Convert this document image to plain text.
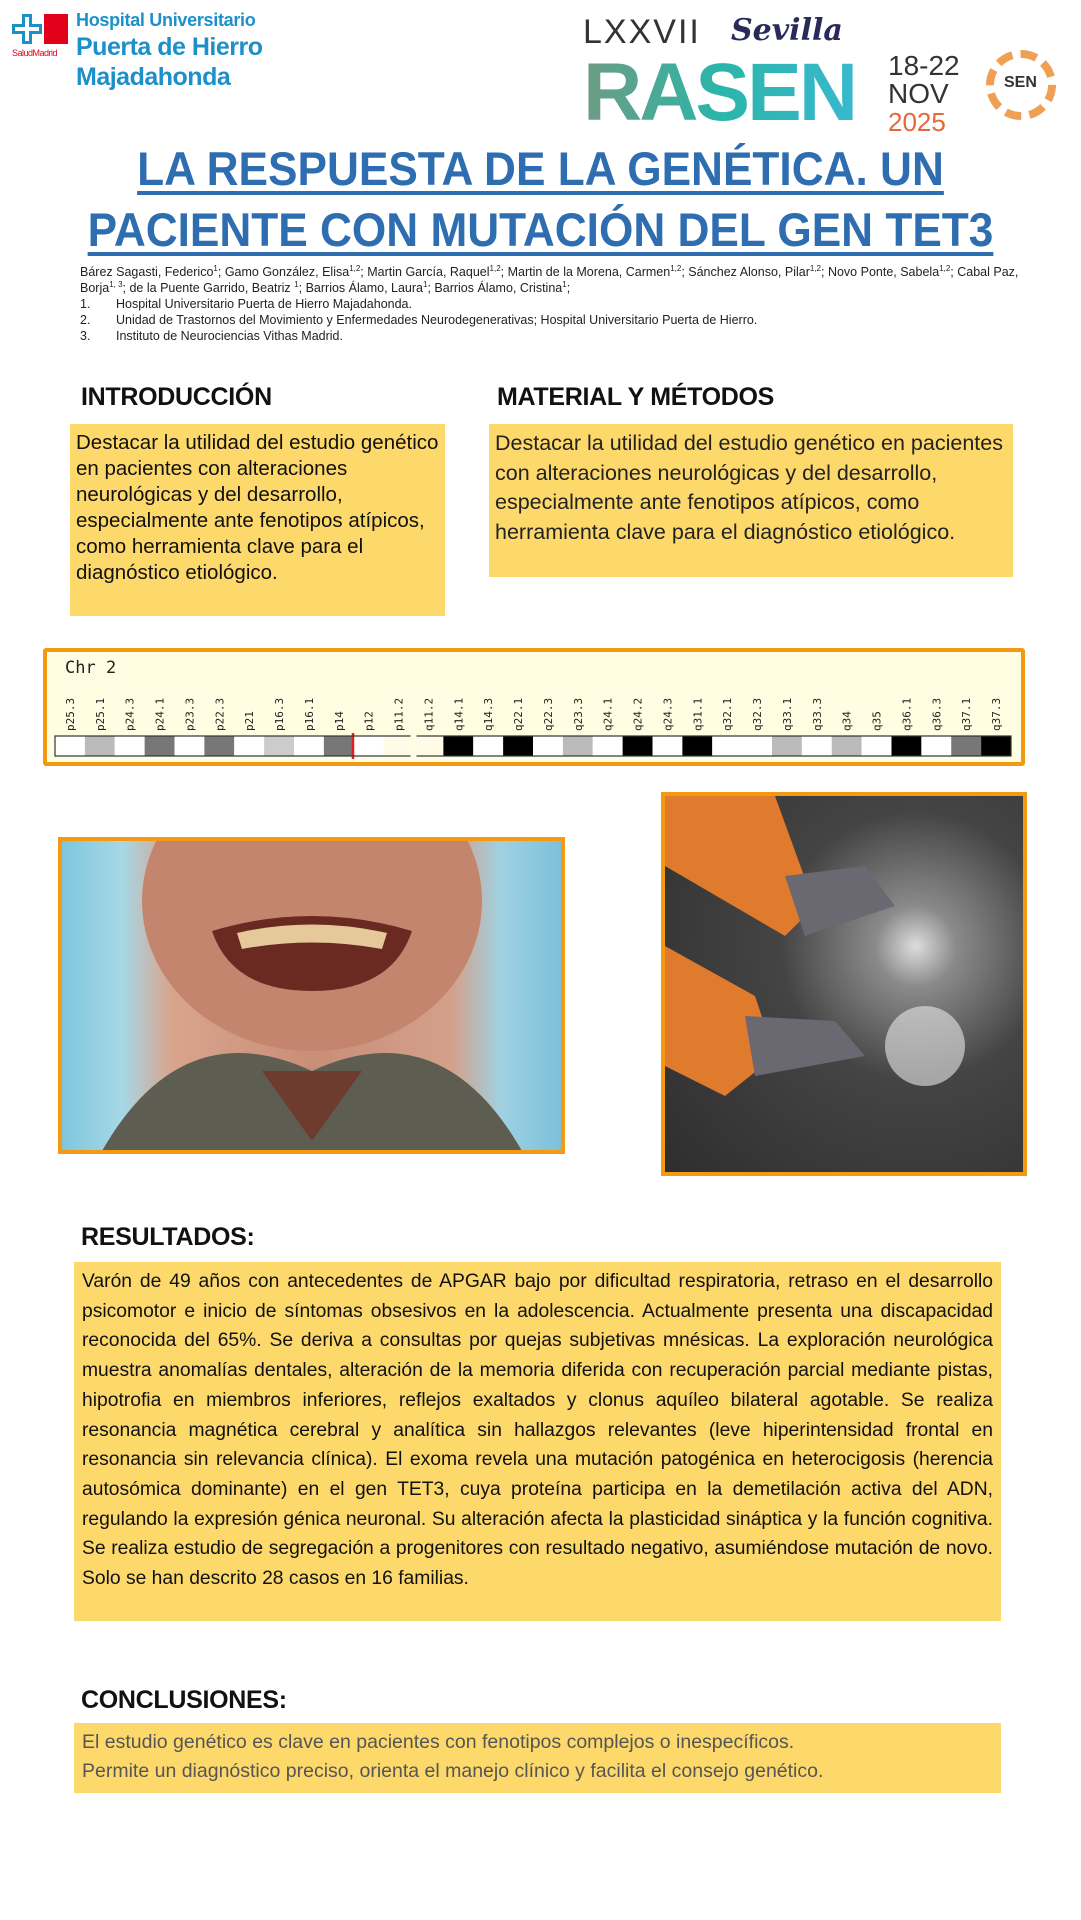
SaludMadrid
Hospital Universitario
Puerta de Hierro
Majadahonda
LXXVII
RASEN
Sevilla
18-22
NOV
2025
SEN
LA RESPUESTA DE LA GENÉTICA. UN
PACIENTE CON MUTACIÓN DEL GEN TET3
Bárez Sagasti, Federico$^1$; Gamo González, Elisa$^{1,2}$; Martin García, Raquel$^{1,2}$; Martin de la Morena, Carmen$^{1,2}$; Sánchez Alonso, Pilar$^{1,2}$; Novo Ponte, Sabela$^{1,2}$; Cabal Paz, Borja$^{1, 3}$; de la Puente Garrido, Beatriz $^1$; Barrios Álamo, Laura$^1$; Barrios Álamo, Cristina$^1$;
1.	Hospital Universitario Puerta de Hierro Majadahonda.
2.	Unidad de Trastornos del Movimiento y Enfermedades Neurodegenerativas; Hospital Universitario Puerta de Hierro.
3.	Instituto de Neurociencias Vithas Madrid.
INTRODUCCIÓN
Destacar la utilidad del estudio genético en pacientes con alteraciones neurológicas y del desarrollo, especialmente ante fenotipos atípicos, como herramienta clave para el diagnóstico etiológico.
MATERIAL Y MÉTODOS
Destacar la utilidad del estudio genético en pacientes con alteraciones neurológicas y del desarrollo, especialmente ante fenotipos atípicos, como herramienta clave para el diagnóstico etiológico.
Chr 2
p25.3 p25.1 p24.3 p24.1 p23.3 p22.3 p21 p16.3 p16.1 p14 p12 p11.2 q11.2 q14.1 q14.3 q22.1 q22.3 q23.3 q24.1 q24.2 q24.3 q31.1 q32.1 q32.3 q33.1 q33.3 q34 q35 q36.1 q36.3 q37.1 q37.3
RESULTADOS:
Varón de 49 años con antecedentes de APGAR bajo por dificultad respiratoria, retraso en el desarrollo psicomotor e inicio de síntomas obsesivos en la adolescencia. Actualmente presenta una discapacidad reconocida del 65%. Se deriva a consultas por quejas subjetivas mnésicas. La exploración neurológica muestra anomalías dentales, alteración de la memoria diferida con recuperación parcial mediante pistas, hipotrofia en miembros inferiores, reflejos exaltados y clonus aquíleo bilateral agotable. Se realiza resonancia magnética cerebral y analítica sin hallazgos relevantes (leve hiperintensidad frontal en resonancia sin relevancia clínica). El exoma revela una mutación patogénica en heterocigosis (herencia autosómica dominante) en el gen TET3, cuya proteína participa en la demetilación activa del ADN, regulando la expresión génica neuronal. Su alteración afecta la plasticidad sináptica y la función cognitiva. Se realiza estudio de segregación a progenitores con resultado negativo, asumiéndose mutación de novo. Solo se han descrito 28 casos en 16 familias.
CONCLUSIONES:
El estudio genético es clave en pacientes con fenotipos complejos o inespecíficos.
Permite un diagnóstico preciso, orienta el manejo clínico y facilita el consejo genético.
